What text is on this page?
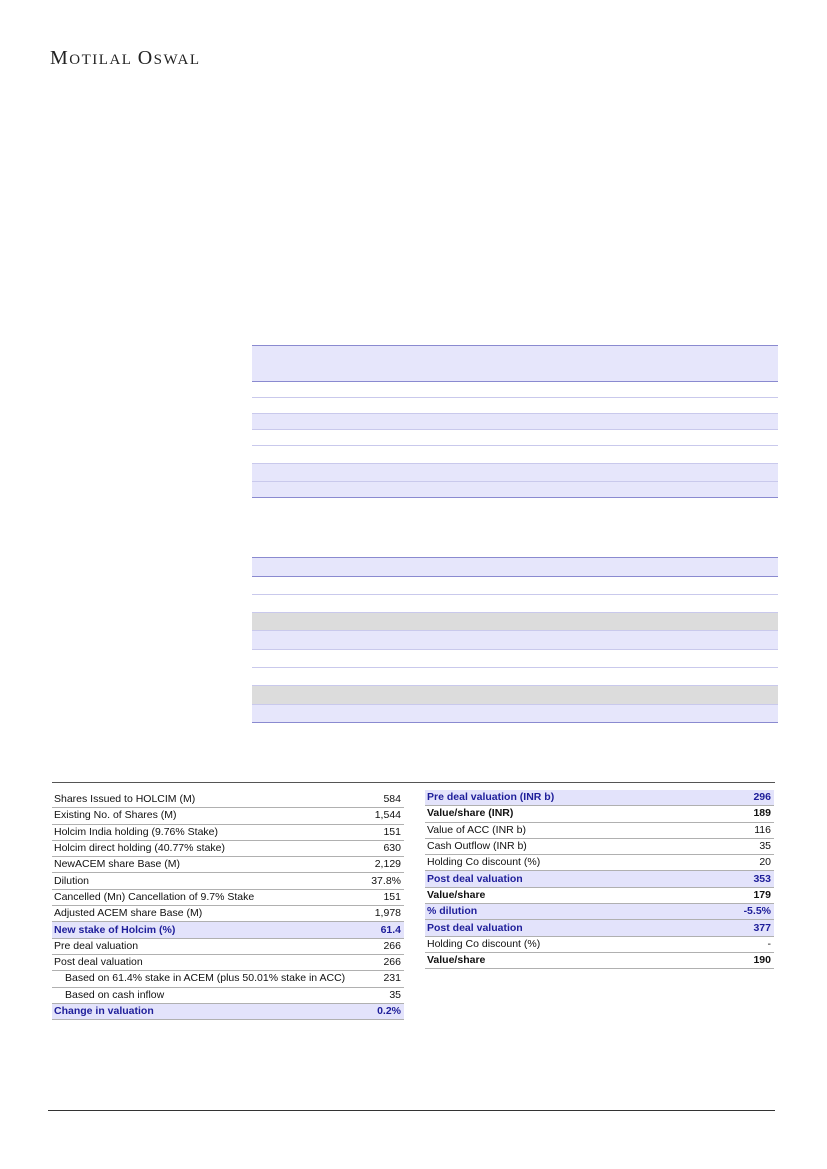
MOTILAL OSWAL
Shares Issued to HOLCIM (M)	584
Existing No. of Shares (M)	1,544
Holcim India holding (9.76% Stake)	151
Holcim direct holding (40.77% stake)	630
NewACEM share Base (M)	2,129
Dilution	37.8%
Cancelled (Mn) Cancellation of 9.7% Stake	151
Adjusted ACEM share Base (M)	1,978
New stake of Holcim (%)	61.4
Pre deal valuation	266
Post deal valuation	266
Based on 61.4% stake in ACEM (plus 50.01% stake in ACC)	231
Based on cash inflow	35
Change in valuation	0.2%
Pre deal valuation (INR b)	296
Value/share (INR)	189
Value of ACC (INR b)	116
Cash Outflow (INR b)	35
Holding Co discount (%)	20
Post deal valuation	353
Value/share	179
% dilution	-5.5%
Post deal valuation	377
Holding Co discount (%)	-
Value/share	190
